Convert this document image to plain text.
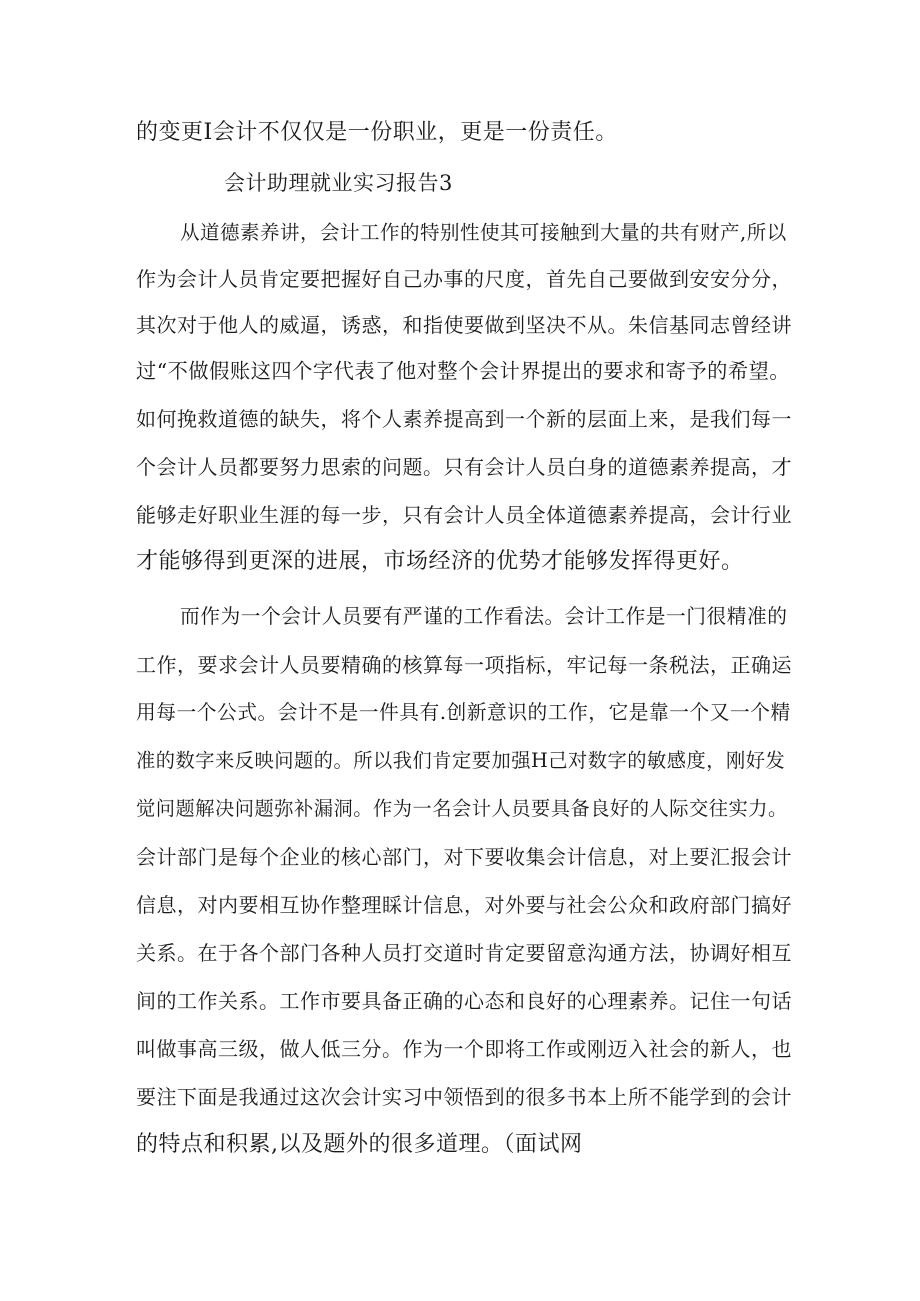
的变更Ⅰ会计不仅仅是一份职业，更是一份责任。
会计助理就业实习报告3
从道德素养讲，会计工作的特别性使其可接触到大量的共有财产,所以
作为会计人员肯定要把握好自己办事的尺度，首先自己要做到安安分分，
其次对于他人的威逼，诱惑，和指使要做到坚决不从。朱信基同志曾经讲
过“不做假账这四个字代表了他对整个会计界提出的要求和寄予的希望。
如何挽救道德的缺失，将个人素养提高到一个新的层面上来，是我们每一
个会计人员都要努力思索的问题。只有会计人员白身的道德素养提高，才
能够走好职业生涯的每一步，只有会计人员全体道德素养提高，会计行业
才能够得到更深的进展，市场经济的优势才能够发挥得更好。
而作为一个会计人员要有严谨的工作看法。会计工作是一门很精准的
工作，要求会计人员要精确的核算每一项指标，牢记每一条税法，正确运
用每一个公式。会计不是一件具有.创新意识的工作，它是靠一个又一个精
准的数字来反映问题的。所以我们肯定要加强H己对数字的敏感度，刚好发
觉问题解决问题弥补漏洞。作为一名会计人员要具备良好的人际交往实力。
会计部门是每个企业的核心部门，对下要收集会计信息，对上要汇报会计
信息，对内要相互协作整理睬计信息，对外要与社会公众和政府部门搞好
关系。在于各个部门各种人员打交道时肯定要留意沟通方法，协调好相互
间的工作关系。工作市要具备正确的心态和良好的心理素养。记住一句话
叫做事高三级，做人低三分。作为一个即将工作或刚迈入社会的新人，也
要注下面是我通过这次会计实习中领悟到的很多书本上所不能学到的会计
的特点和积累,以及题外的很多道理。（面试网
